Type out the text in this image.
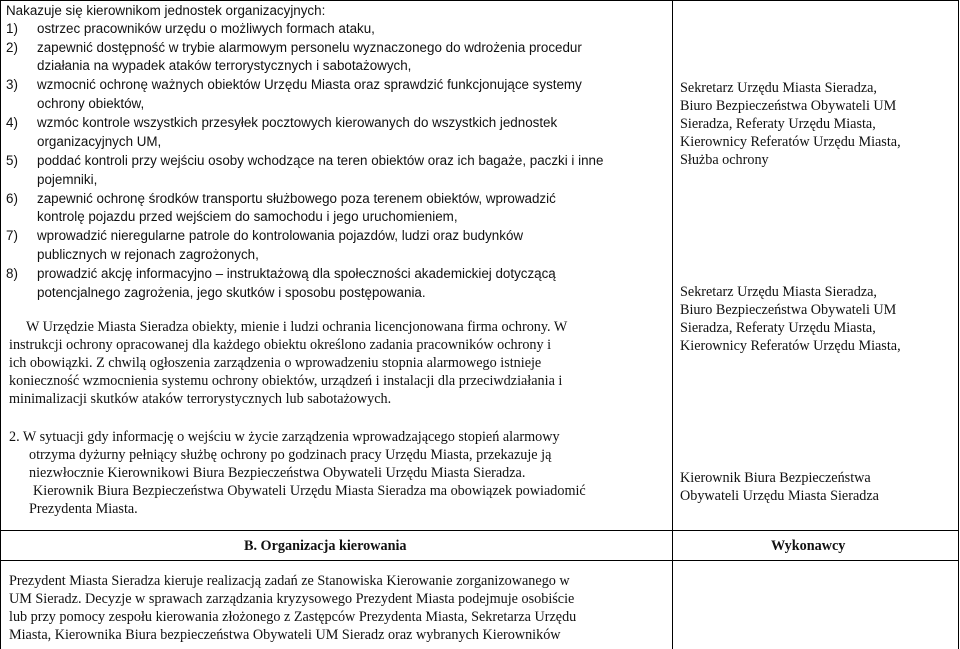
Nakazuje się kierownikom jednostek organizacyjnych:
1) ostrzec pracowników urzędu o możliwych formach ataku,
2) zapewnić dostępność w trybie alarmowym personelu wyznaczonego do wdrożenia procedur
działania na wypadek ataków terrorystycznych i sabotażowych,
3) wzmocnić ochronę ważnych obiektów Urzędu Miasta oraz sprawdzić funkcjonujące systemy
ochrony obiektów,
4) wzmóc kontrole wszystkich przesyłek pocztowych kierowanych do wszystkich jednostek
organizacyjnych UM,
5) poddać kontroli przy wejściu osoby wchodzące na teren obiektów oraz ich bagaże, paczki i inne
pojemniki,
6) zapewnić ochronę środków transportu służbowego poza terenem obiektów, wprowadzić
kontrolę pojazdu przed wejściem do samochodu i jego uruchomieniem,
7) wprowadzić nieregularne patrole do kontrolowania pojazdów, ludzi oraz budynków
publicznych w rejonach zagrożonych,
8) prowadzić akcję informacyjno – instruktażową dla społeczności akademickiej dotyczącą
potencjalnego zagrożenia, jego skutków i sposobu postępowania.
W Urzędzie Miasta Sieradza obiekty, mienie i ludzi ochrania licencjonowana firma ochrony. W
instrukcji ochrony opracowanej dla każdego obiektu określono zadania pracowników ochrony i
ich obowiązki. Z chwilą ogłoszenia zarządzenia o wprowadzeniu stopnia alarmowego istnieje
konieczność wzmocnienia systemu ochrony obiektów, urządzeń i instalacji dla przeciwdziałania i
minimalizacji skutków ataków terrorystycznych lub sabotażowych.
2. W sytuacji gdy informację o wejściu w życie zarządzenia wprowadzającego stopień alarmowy
otrzyma dyżurny pełniący służbę ochrony po godzinach pracy Urzędu Miasta, przekazuje ją
niezwłocznie Kierownikowi Biura Bezpieczeństwa Obywateli Urzędu Miasta Sieradza.
Kierownik Biura Bezpieczeństwa Obywateli Urzędu Miasta Sieradza ma obowiązek powiadomić
Prezydenta Miasta.
Sekretarz Urzędu Miasta Sieradza,
Biuro Bezpieczeństwa Obywateli UM
Sieradza, Referaty Urzędu Miasta,
Kierownicy Referatów Urzędu Miasta,
Służba ochrony
Sekretarz Urzędu Miasta Sieradza,
Biuro Bezpieczeństwa Obywateli UM
Sieradza, Referaty Urzędu Miasta,
Kierownicy Referatów Urzędu Miasta,
Kierownik Biura Bezpieczeństwa
Obywateli Urzędu Miasta Sieradza
B. Organizacja kierowania	Wykonawcy
Prezydent Miasta Sieradza kieruje realizacją zadań ze Stanowiska Kierowanie zorganizowanego w
UM Sieradz. Decyzje w sprawach zarządzania kryzysowego Prezydent Miasta podejmuje osobiście
lub przy pomocy zespołu kierowania złożonego z Zastępców Prezydenta Miasta, Sekretarza Urzędu
Miasta, Kierownika Biura bezpieczeństwa Obywateli UM Sieradz oraz wybranych Kierowników
